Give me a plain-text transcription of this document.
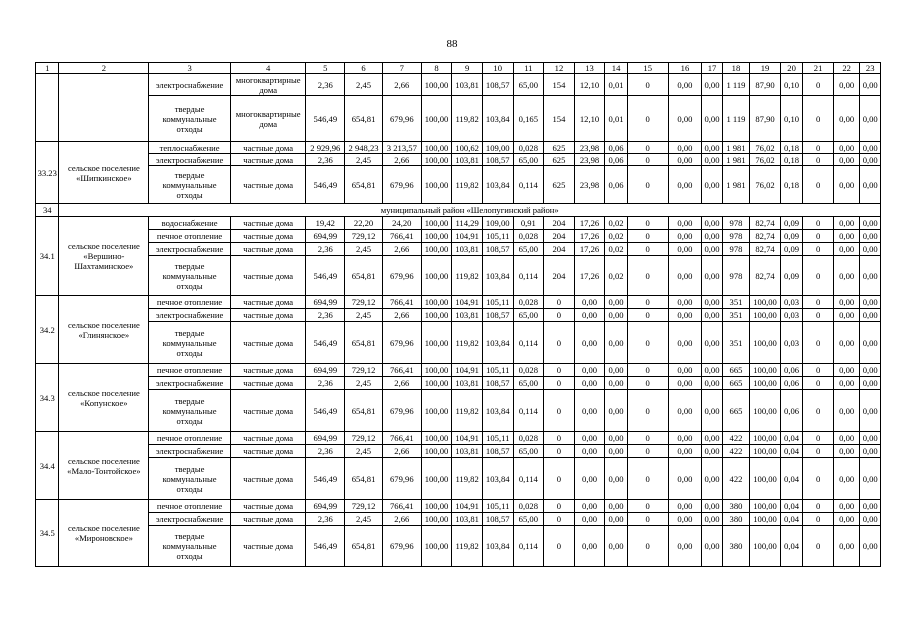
88
1	2	3	4	5	6	7	8	9	10	11	12	13	14	15	16	17	18	19	20	21	22	23
		электроснабжение	многоквартирные дома	2,36	2,45	2,66	100,00	103,81	108,57	65,00	154	12,10	0,01	0	0,00	0,00	1 119	87,90	0,10	0	0,00	0,00
		твердые коммунальные отходы	многоквартирные дома	546,49	654,81	679,96	100,00	119,82	103,84	0,165	154	12,10	0,01	0	0,00	0,00	1 119	87,90	0,10	0	0,00	0,00
33.23	сельское поселение «Шипкинское»	теплоснабжение	частные дома	2 929,96	2 948,23	3 213,57	100,00	100,62	109,00	0,028	625	23,98	0,06	0	0,00	0,00	1 981	76,02	0,18	0	0,00	0,00
		электроснабжение	частные дома	2,36	2,45	2,66	100,00	103,81	108,57	65,00	625	23,98	0,06	0	0,00	0,00	1 981	76,02	0,18	0	0,00	0,00
		твердые коммунальные отходы	частные дома	546,49	654,81	679,96	100,00	119,82	103,84	0,114	625	23,98	0,06	0	0,00	0,00	1 981	76,02	0,18	0	0,00	0,00
34	муниципальный район «Шелопугинский район»																					
34.1	сельское поселение «Вершино-Шахтаминское»	водоснабжение	частные дома	19,42	22,20	24,20	100,00	114,29	109,00	0,91	204	17,26	0,02	0	0,00	0,00	978	82,74	0,09	0	0,00	0,00
		печное отопление	частные дома	694,99	729,12	766,41	100,00	104,91	105,11	0,028	204	17,26	0,02	0	0,00	0,00	978	82,74	0,09	0	0,00	0,00
		электроснабжение	частные дома	2,36	2,45	2,66	100,00	103,81	108,57	65,00	204	17,26	0,02	0	0,00	0,00	978	82,74	0,09	0	0,00	0,00
		твердые коммунальные отходы	частные дома	546,49	654,81	679,96	100,00	119,82	103,84	0,114	204	17,26	0,02	0	0,00	0,00	978	82,74	0,09	0	0,00	0,00
34.2	сельское поселение «Глинянское»	печное отопление	частные дома	694,99	729,12	766,41	100,00	104,91	105,11	0,028	0	0,00	0,00	0	0,00	0,00	351	100,00	0,03	0	0,00	0,00
		электроснабжение	частные дома	2,36	2,45	2,66	100,00	103,81	108,57	65,00	0	0,00	0,00	0	0,00	0,00	351	100,00	0,03	0	0,00	0,00
		твердые коммунальные отходы	частные дома	546,49	654,81	679,96	100,00	119,82	103,84	0,114	0	0,00	0,00	0	0,00	0,00	351	100,00	0,03	0	0,00	0,00
34.3	сельское поселение «Копунское»	печное отопление	частные дома	694,99	729,12	766,41	100,00	104,91	105,11	0,028	0	0,00	0,00	0	0,00	0,00	665	100,00	0,06	0	0,00	0,00
		электроснабжение	частные дома	2,36	2,45	2,66	100,00	103,81	108,57	65,00	0	0,00	0,00	0	0,00	0,00	665	100,00	0,06	0	0,00	0,00
		твердые коммунальные отходы	частные дома	546,49	654,81	679,96	100,00	119,82	103,84	0,114	0	0,00	0,00	0	0,00	0,00	665	100,00	0,06	0	0,00	0,00
34.4	сельское поселение «Мало-Тонтойское»	печное отопление	частные дома	694,99	729,12	766,41	100,00	104,91	105,11	0,028	0	0,00	0,00	0	0,00	0,00	422	100,00	0,04	0	0,00	0,00
		электроснабжение	частные дома	2,36	2,45	2,66	100,00	103,81	108,57	65,00	0	0,00	0,00	0	0,00	0,00	422	100,00	0,04	0	0,00	0,00
		твердые коммунальные отходы	частные дома	546,49	654,81	679,96	100,00	119,82	103,84	0,114	0	0,00	0,00	0	0,00	0,00	422	100,00	0,04	0	0,00	0,00
34.5	сельское поселение «Мироновское»	печное отопление	частные дома	694,99	729,12	766,41	100,00	104,91	105,11	0,028	0	0,00	0,00	0	0,00	0,00	380	100,00	0,04	0	0,00	0,00
		электроснабжение	частные дома	2,36	2,45	2,66	100,00	103,81	108,57	65,00	0	0,00	0,00	0	0,00	0,00	380	100,00	0,04	0	0,00	0,00
		твердые коммунальные отходы	частные дома	546,49	654,81	679,96	100,00	119,82	103,84	0,114	0	0,00	0,00	0	0,00	0,00	380	100,00	0,04	0	0,00	0,00
